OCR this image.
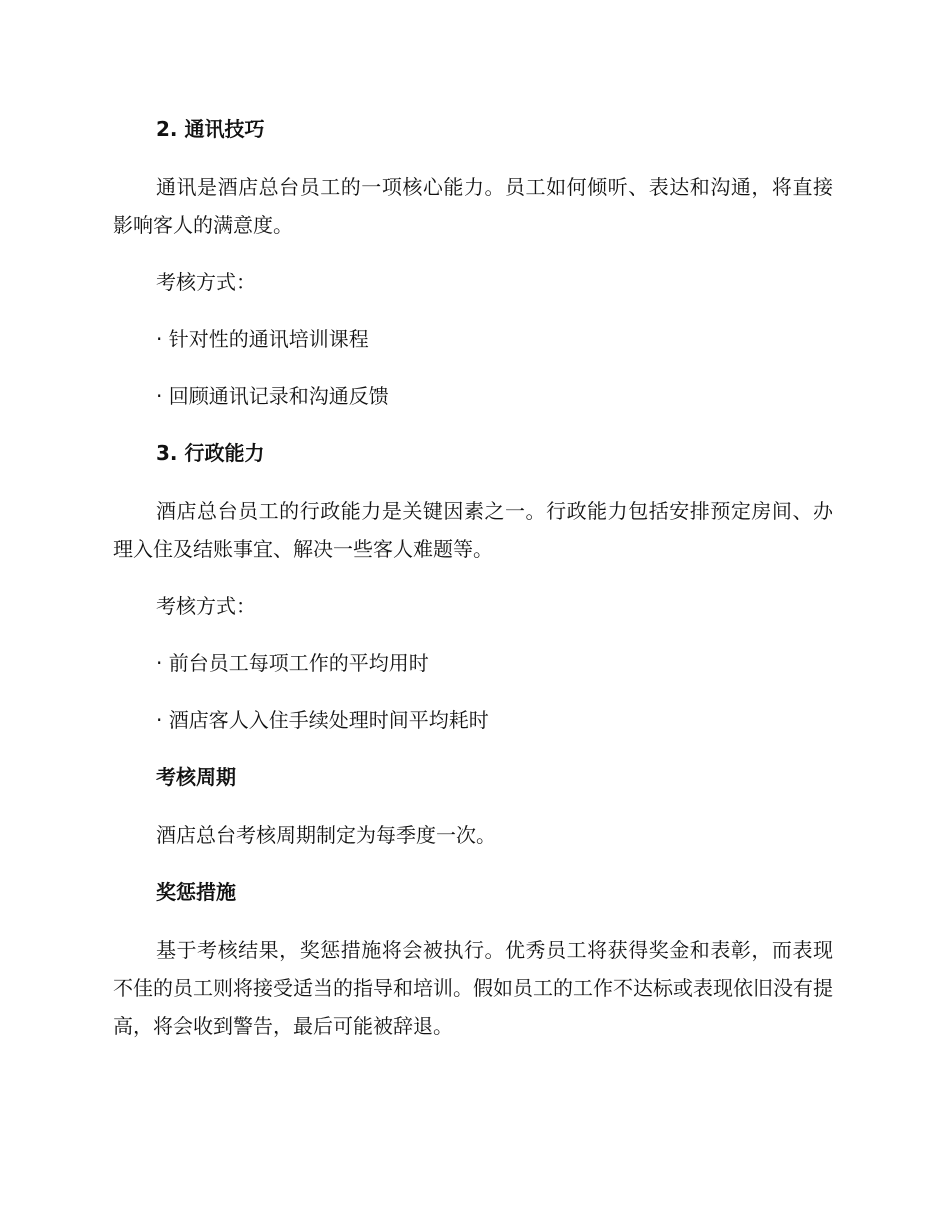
2. 通讯技巧

通讯是酒店总台员工的一项核心能力。员工如何倾听、表达和沟通，将直接影响客人的满意度。

考核方式：

· 针对性的通讯培训课程

· 回顾通讯记录和沟通反馈

3. 行政能力

酒店总台员工的行政能力是关键因素之一。行政能力包括安排预定房间、办理入住及结账事宜、解决一些客人难题等。

考核方式：

· 前台员工每项工作的平均用时

· 酒店客人入住手续处理时间平均耗时

考核周期

酒店总台考核周期制定为每季度一次。

奖惩措施

基于考核结果，奖惩措施将会被执行。优秀员工将获得奖金和表彰，而表现不佳的员工则将接受适当的指导和培训。假如员工的工作不达标或表现依旧没有提高，将会收到警告，最后可能被辞退。
